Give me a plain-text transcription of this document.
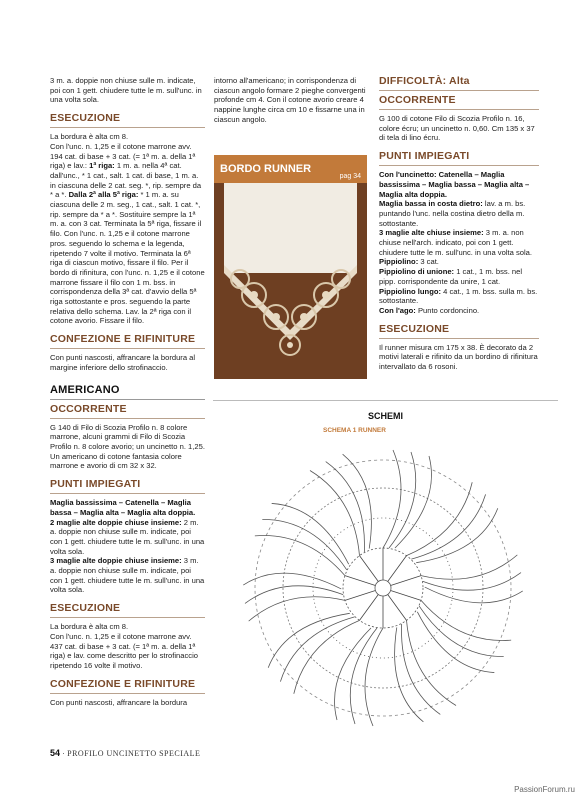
3 m. a. doppie non chiuse sulle m. indicate, poi con 1 gett. chiudere tutte le m. sull'unc. in una volta sola.

ESECUZIONE

La bordura è alta cm 8.

Con l'unc. n. 1,25 e il cotone marrone avv. 194 cat. di base + 3 cat. (= 1ª m. a. della 1ª riga) e lav.: 1ª riga: 1 m. a. nella 4ª cat. dall'unc., * 1 cat., salt. 1 cat. di base, 1 m. a. in ciascuna delle 2 cat. seg. *, rip. sempre da * a *. Dalla 2ª alla 5ª riga: * 1 m. a. su ciascuna delle 2 m. seg., 1 cat., salt. 1 cat. *, rip. sempre da * a *. Sostituire sempre la 1ª m. a. con 3 cat. Terminata la 5ª riga, fissare il filo. Con l'unc. n. 1,25 e il cotone marrone pros. seguendo lo schema e la legenda, ripetendo 7 volte il motivo. Terminata la 6ª riga di ciascun motivo, fissare il filo. Per il bordo di rifinitura, con l'unc. n. 1,25 e il cotone marrone fissare il filo con 1 m. bss. in corrispondenza della 3ª cat. d'avvio della 5ª riga sottostante e pros. seguendo la parte relativa dello schema. Lav. la 2ª riga con il cotone avorio. Fissare il filo.

CONFEZIONE E RIFINITURE

Con punti nascosti, affrancare la bordura al margine inferiore dello strofinaccio.

AMERICANO
OCCORRENTE

G 140 di Filo di Scozia Profilo n. 8 colore marrone, alcuni grammi di Filo di Scozia Profilo n. 8 colore avorio; un uncinetto n. 1,25. Un americano di cotone fantasia colore marrone e avorio di cm 32 x 32.

PUNTI IMPIEGATI

Maglia bassissima – Catenella – Maglia bassa – Maglia alta – Maglia alta doppia.

2 maglie alte doppie chiuse insieme: 2 m. a. doppie non chiuse sulle m. indicate, poi con 1 gett. chiudere tutte le m. sull'unc. in una volta sola.

3 maglie alte doppie chiuse insieme: 3 m. a. doppie non chiuse sulle m. indicate, poi con 1 gett. chiudere tutte le m. sull'unc. in una volta sola.

ESECUZIONE

La bordura è alta cm 8.

Con l'unc. n. 1,25 e il cotone marrone avv. 437 cat. di base + 3 cat. (= 1ª m. a. della 1ª riga) e lav. come descritto per lo strofinaccio ripetendo 16 volte il motivo.

CONFEZIONE E RIFINITURE

Con punti nascosti, affrancare la bordura

intorno all'americano; in corrispondenza di ciascun angolo formare 2 pieghe convergenti profonde cm 4. Con il cotone avorio creare 4 nappine lunghe circa cm 10 e fissarne una in ciascun angolo.

BORDO RUNNER
pag 34
DIFFICOLTÀ: Alta
OCCORRENTE

G 100 di cotone Filo di Scozia Profilo n. 16, colore écru; un uncinetto n. 0,60. Cm 135 x 37 di tela di lino écru.

PUNTI IMPIEGATI

Con l'uncinetto: Catenella – Maglia bassissima – Maglia bassa – Maglia alta – Maglia alta doppia.

Maglia bassa in costa dietro: lav. a m. bs. puntando l'unc. nella costina dietro della m. sottostante.

3 maglie alte chiuse insieme: 3 m. a. non chiuse nell'arch. indicato, poi con 1 gett. chiudere tutte le m. sull'unc. in una volta sola.

Pippiolino: 3 cat.

Pippiolino di unione: 1 cat., 1 m. bss. nel pipp. corrispondente da unire, 1 cat.

Pippiolino lungo: 4 cat., 1 m. bss. sulla m. bs. sottostante.

Con l'ago: Punto cordoncino.

ESECUZIONE

Il runner misura cm 175 x 38. È decorato da 2 motivi laterali e rifinito da un bordino di rifinitura intervallato da 6 rosoni.

SCHEMI
SCHEMA 1 RUNNER
54 · PROFILO UNCINETTO SPECIALE
PassionForum.ru
